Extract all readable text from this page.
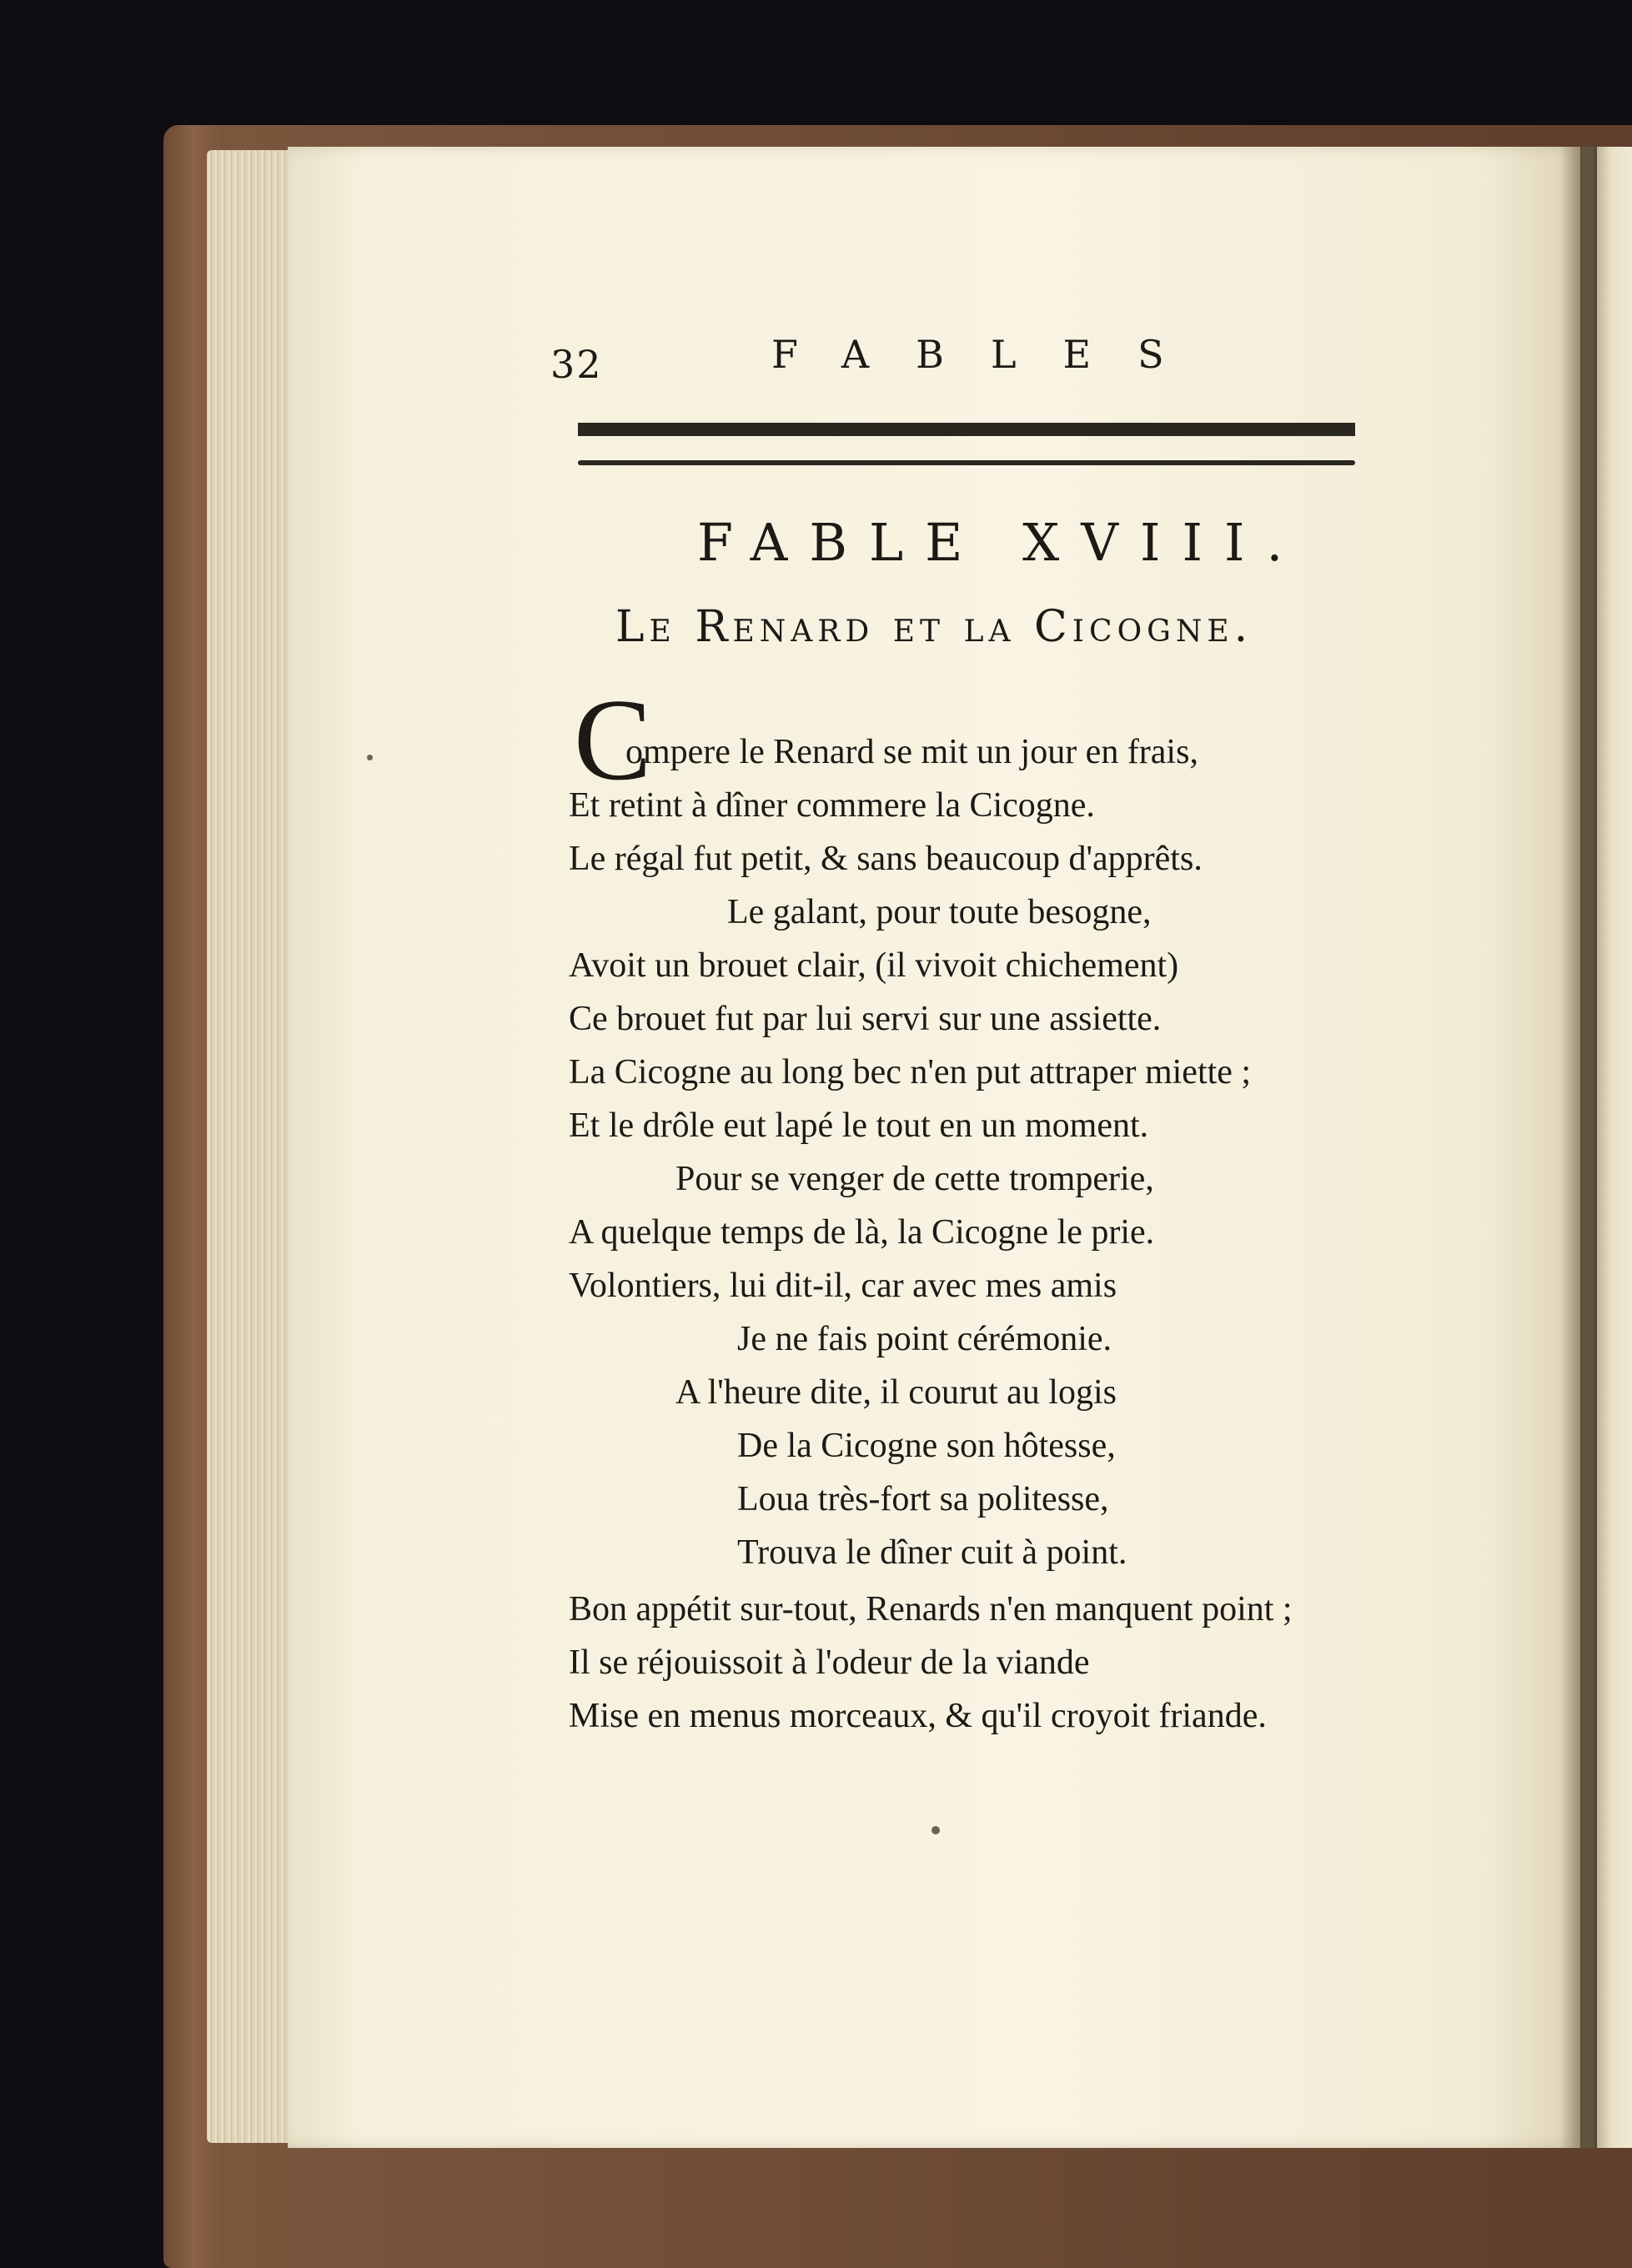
32	FABLES
FABLE XVIII.
Le Renard et la Cicogne.
C
ompere le Renard se mit un jour en frais,
Et retint à dîner commere la Cicogne.
Le régal fut petit, & sans beaucoup d'apprêts.
Le galant, pour toute besogne,
Avoit un brouet clair, (il vivoit chichement)
Ce brouet fut par lui servi sur une assiette.
La Cicogne au long bec n'en put attraper miette ;
Et le drôle eut lapé le tout en un moment.
Pour se venger de cette tromperie,
A quelque temps de là, la Cicogne le prie.
Volontiers, lui dit-il, car avec mes amis
Je ne fais point cérémonie.
A l'heure dite, il courut au logis
De la Cicogne son hôtesse,
Loua très-fort sa politesse,
Trouva le dîner cuit à point.
Bon appétit sur-tout, Renards n'en manquent point ;
Il se réjouissoit à l'odeur de la viande
Mise en menus morceaux, & qu'il croyoit friande.
